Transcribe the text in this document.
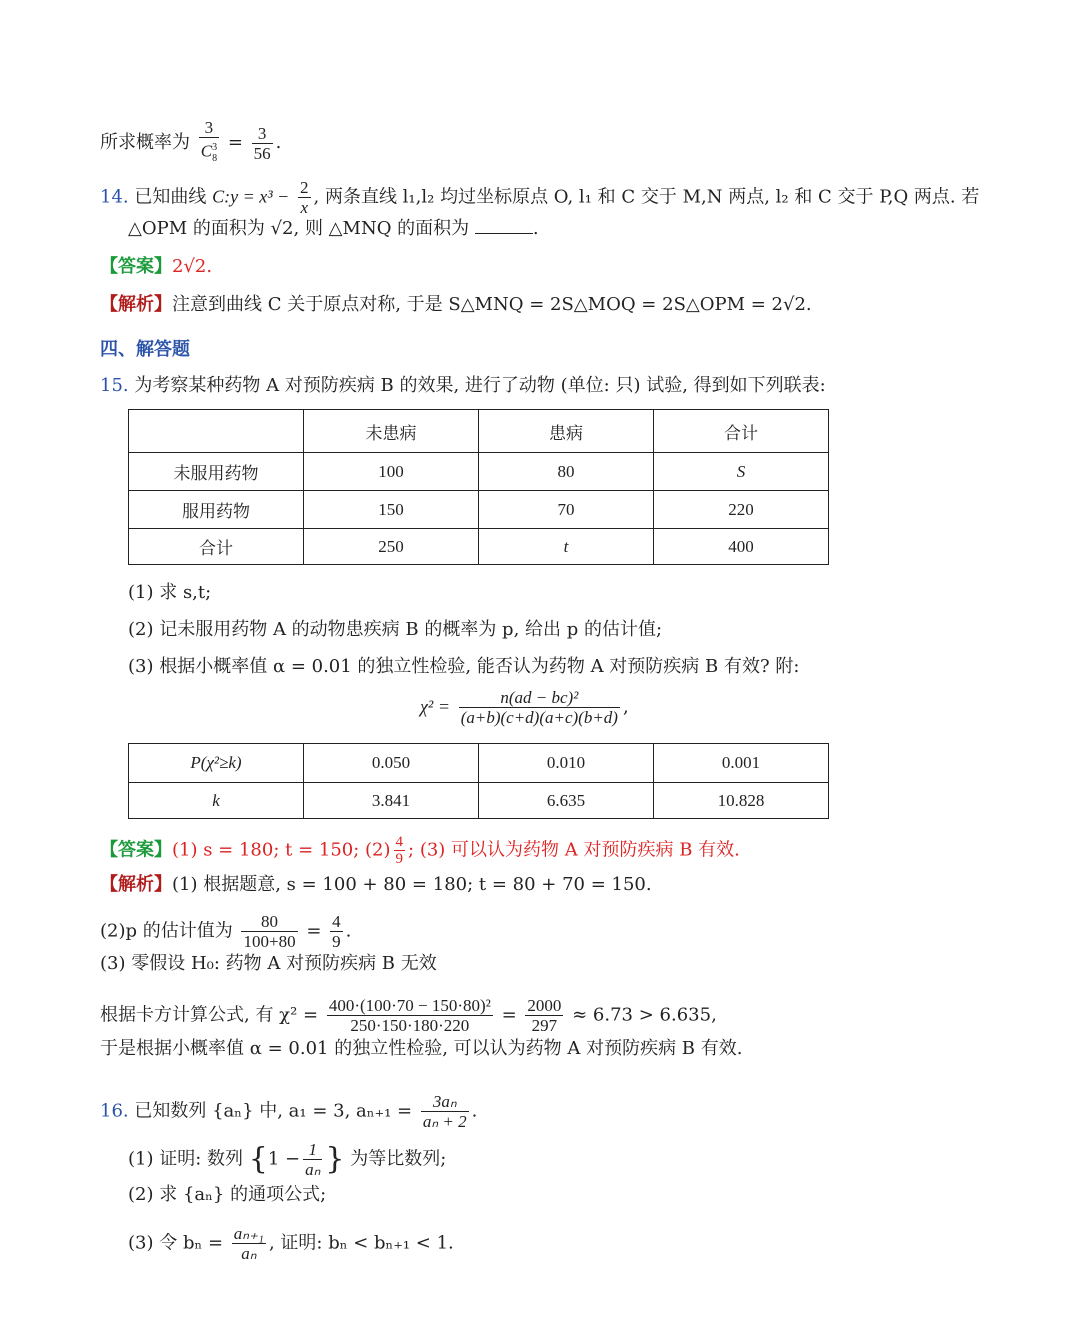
所求概率为 $\frac{3}{C^3_8} = \frac{3}{56}$ .
14. 已知曲线 C:y = $x^3 - \frac{2}{x}$ , 两条直线 l₁,l₂ 均过坐标原点 O, l₁ 和 C 交于 M,N 两点, l₂ 和 C 交于 P,Q 两点. 若
△OPM 的面积为 √2, 则 △MNQ 的面积为	.
【答案】2√2.
【解析】注意到曲线 C 关于原点对称, 于是 S△MNQ = 2S△MOQ = 2S△OPM = 2√2.
四、解答题
15. 为考察某种药物 A 对预防疾病 B 的效果, 进行了动物 (单位: 只) 试验, 得到如下列联表:
	未患病	患病	合计
未服用药物	100	80	S
服用药物	150	70	220
合计	250	t	400
(1) 求 s,t;
(2) 记未服用药物 A 的动物患疾病 B 的概率为 p, 给出 p 的估计值;
(3) 根据小概率值 α = 0.01 的独立性检验, 能否认为药物 A 对预防疾病 B 有效? 附:
$\chi^2 = \frac{\text{n(ad − bc)²}}{(a+b)(c+d)(a+c)(b+d)}$ ,
P(χ²≥k)	0.050	0.010	0.001
k	3.841	6.635	10.828
【答案】(1) s = 180; t = 150; $(2) \frac{4}{9}$ ; (3) 可以认为药物 A 对预防疾病 B 有效.
【解析】(1) 根据题意, s = 100 + 80 = 180; t = 80 + 70 = 150.
(2)p 的估计值为 $\frac{80}{100+80} = \frac{4}{9}$ .
(3) 零假设 H₀: 药物 A 对预防疾病 B 无效
根据卡方计算公式, 有 $\chi^2 = \frac{\text{400·(100·70 − 150·80)²}}{250\cdot 150\cdot 180\cdot 220} = \frac{2000}{297} \approx 6.73 > 6.635$,
于是根据小概率值 α = 0.01 的独立性检验, 可以认为药物 A 对预防疾病 B 有效.
16. 已知数列 {aₙ} 中, a₁ = 3, $a_{n+1} = \frac{\text{3aₙ}}{\text{aₙ + 2}}$ .
(1) 证明: 数列 {$1 - \frac{1}{\text{aₙ}}$ } 为等比数列;
(2) 求 {aₙ} 的通项公式;
(3) 令 $b_n = \frac{\text{aₙ₊₁}}{\text{aₙ}}$ , 证明: bₙ < bₙ₊₁ < 1.
